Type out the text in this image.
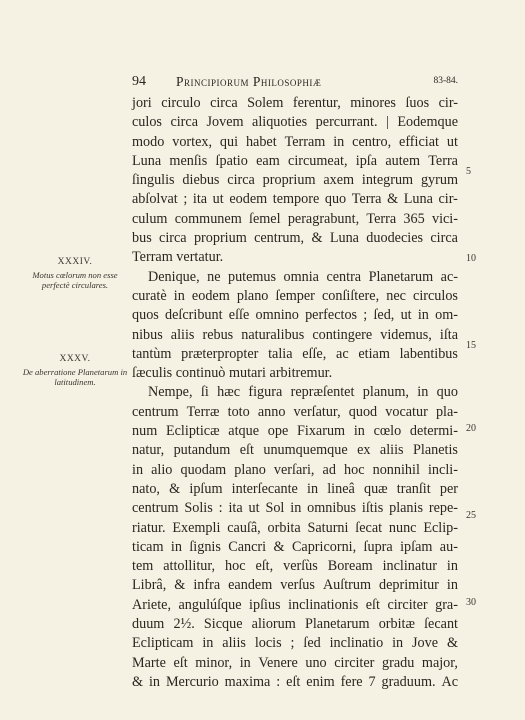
94 Principiorum Philosophiæ	83-84.
XXXIV.
Motus cœlorum non esse perfectè circulares.
XXXV.
De aberratione Planetarum in latitudinem.
jori circulo circa Solem ferentur, minores ſuos cir-
culos circa Jovem aliquoties percurrant. | Eodemque
modo vortex, qui habet Terram in centro, efficiat ut
Luna menſis ſpatio eam circumeat, ipſa autem Terra
ſingulis diebus circa proprium axem integrum gyrum
abſolvat ; ita ut eodem tempore quo Terra & Luna cir-
culum communem ſemel peragrabunt, Terra 365 vici-
bus circa proprium centrum, & Luna duodecies circa
Terram vertatur.
Denique, ne putemus omnia centra Planetarum ac-
curatè in eodem plano ſemper conſiſtere, nec circulos
quos deſcribunt eſſe omnino perfectos ; ſed, ut in om-
nibus aliis rebus naturalibus contingere videmus, iſta
tantùm præterpropter talia eſſe, ac etiam labentibus
ſæculis continuò mutari arbitremur.
Nempe, ſi hæc figura repræſentet planum, in quo
centrum Terræ toto anno verſatur, quod vocatur pla-
num Eclipticæ atque ope Fixarum in cœlo determi-
natur, putandum eſt unumquemque ex aliis Planetis
in alio quodam plano verſari, ad hoc nonnihil incli-
nato, & ipſum interſecante in lineâ quæ tranſit per
centrum Solis : ita ut Sol in omnibus iſtis planis repe-
riatur. Exempli cauſâ, orbita Saturni ſecat nunc Eclip-
ticam in ſignis Cancri & Capricorni, ſupra ipſam au-
tem attollitur, hoc eſt, verſùs Boream inclinatur in
Librâ, & infra eandem verſus Auſtrum deprimitur in
Ariete, angulúſque ipſius inclinationis eſt circiter gra-
duum 2½. Sicque aliorum Planetarum orbitæ ſecant
Eclipticam in aliis locis ; ſed inclinatio in Jove &
Marte eſt minor, in Venere uno circiter gradu major,
& in Mercurio maxima : eſt enim fere 7 graduum. Ac
5
10
15
20
25
30
